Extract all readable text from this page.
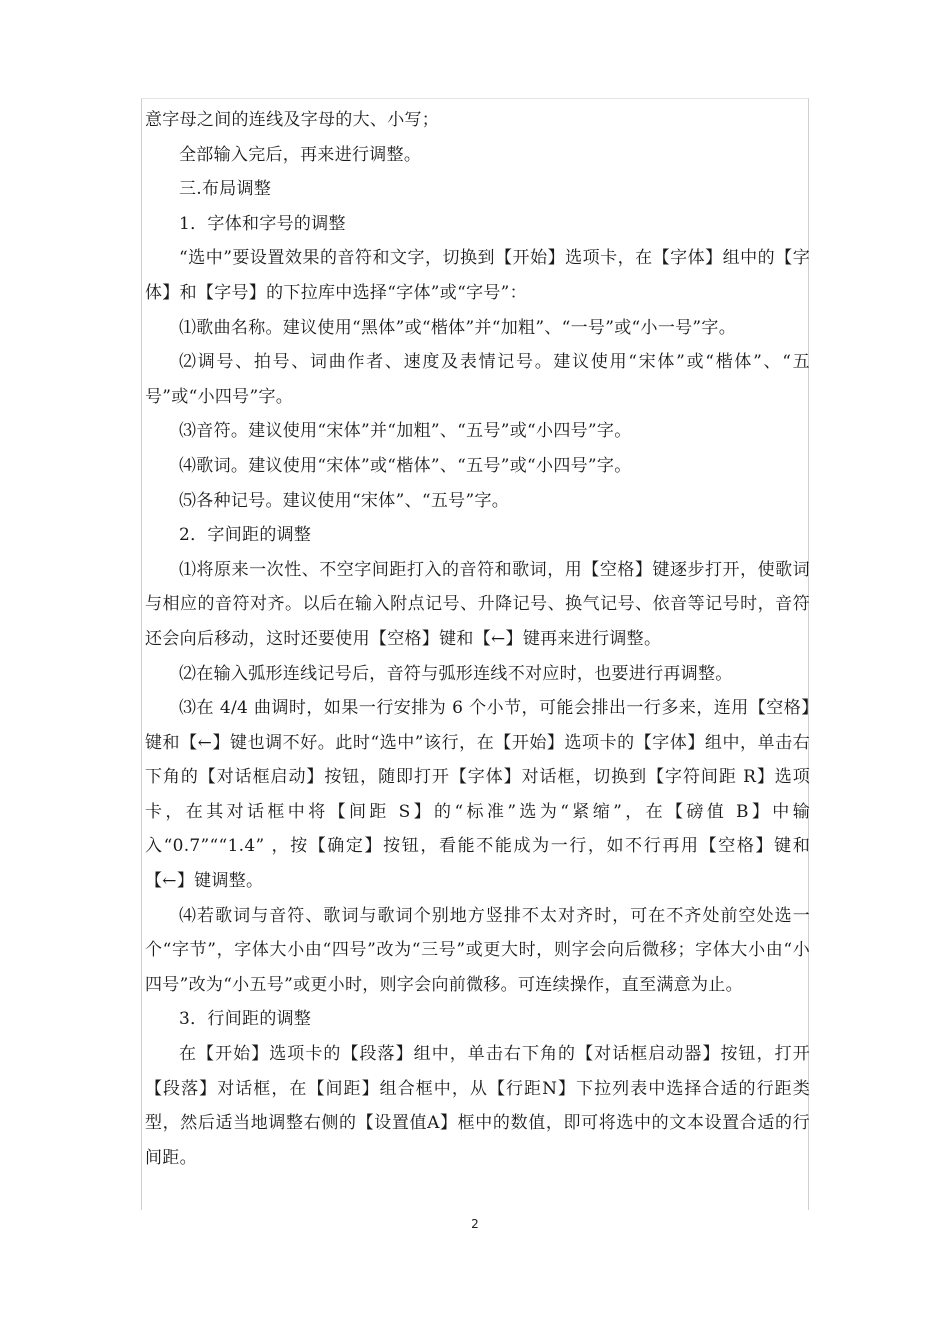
意字母之间的连线及字母的大、小写；

全部输入完后，再来进行调整。

三.布局调整

1．字体和字号的调整

“选中”要设置效果的音符和文字，切换到【开始】选项卡，在【字体】组中的【字体】和【字号】的下拉库中选择“字体”或“字号”：

⑴歌曲名称。建议使用“黑体”或“楷体”并“加粗”、“一号”或“小一号”字。

⑵调号、拍号、词曲作者、速度及表情记号。建议使用“宋体”或“楷体”、“五号”或“小四号”字。

⑶音符。建议使用“宋体”并“加粗”、“五号”或“小四号”字。

⑷歌词。建议使用“宋体”或“楷体”、“五号”或“小四号”字。

⑸各种记号。建议使用“宋体”、“五号”字。

2．字间距的调整

⑴将原来一次性、不空字间距打入的音符和歌词，用【空格】键逐步打开，使歌词与相应的音符对齐。以后在输入附点记号、升降记号、换气记号、依音等记号时，音符还会向后移动，这时还要使用【空格】键和【←】键再来进行调整。

⑵在输入弧形连线记号后，音符与弧形连线不对应时，也要进行再调整。

⑶在 4/4 曲调时，如果一行安排为 6 个小节，可能会排出一行多来，连用【空格】键和【←】键也调不好。此时“选中”该行，在【开始】选项卡的【字体】组中，单击右下角的【对话框启动】按钮，随即打开【字体】对话框，切换到【字符间距 R】选项卡，在其对话框中将【间距 S】的“标准”选为“紧缩”，在【磅值 B】中输入“0.7”““1.4” ，按【确定】按钮，看能不能成为一行，如不行再用【空格】键和【←】键调整。

⑷若歌词与音符、歌词与歌词个别地方竖排不太对齐时，可在不齐处前空处选一个“字节”，字体大小由“四号”改为“三号”或更大时，则字会向后微移；字体大小由“小四号”改为“小五号”或更小时，则字会向前微移。可连续操作，直至满意为止。

3．行间距的调整

在【开始】选项卡的【段落】组中，单击右下角的【对话框启动器】按钮，打开【段落】对话框，在【间距】组合框中，从【行距N】下拉列表中选择合适的行距类型，然后适当地调整右侧的【设置值A】框中的数值，即可将选中的文本设置合适的行间距。

2
